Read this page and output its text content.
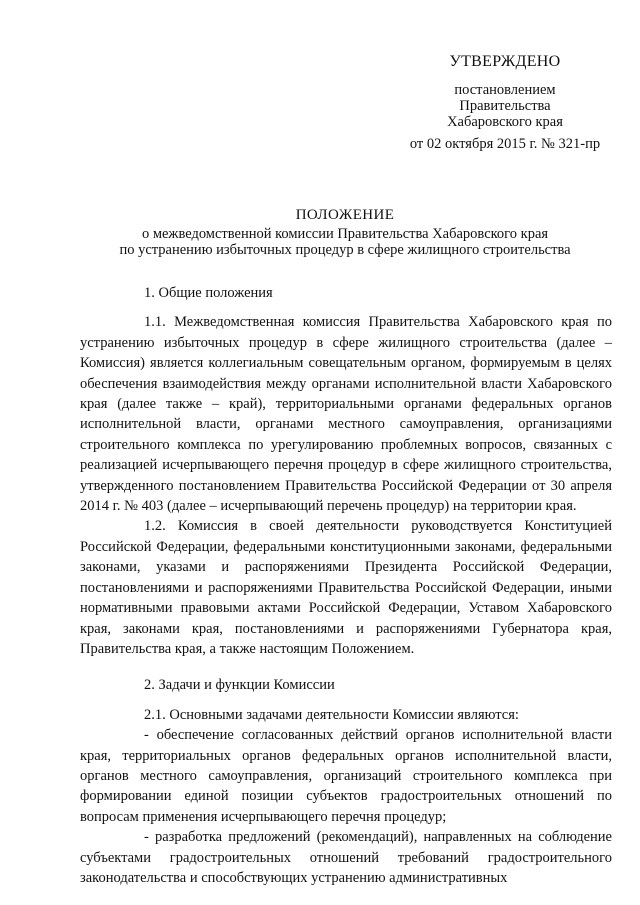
УТВЕРЖДЕНО
постановлением
Правительства
Хабаровского края
от 02 октября 2015 г. № 321-пр
ПОЛОЖЕНИЕ
о межведомственной комиссии Правительства Хабаровского края
по устранению избыточных процедур в сфере жилищного строительства

1. Общие положения

1.1. Межведомственная комиссия Правительства Хабаровского края по устранению избыточных процедур в сфере жилищного строительства (далее – Комиссия) является коллегиальным совещательным органом, формируемым в целях обеспечения взаимодействия между органами исполнительной власти Хабаровского края (далее также – край), территориальными органами федеральных органов исполнительной власти, органами местного самоуправления, организациями строительного комплекса по урегулированию проблемных вопросов, связанных с реализацией исчерпывающего перечня процедур в сфере жилищного строительства, утвержденного постановлением Правительства Российской Федерации от 30 апреля 2014 г. № 403 (далее – исчерпывающий перечень процедур) на территории края.

1.2. Комиссия в своей деятельности руководствуется Конституцией Российской Федерации, федеральными конституционными законами, федеральными законами, указами и распоряжениями Президента Российской Федерации, постановлениями и распоряжениями Правительства Российской Федерации, иными нормативными правовыми актами Российской Федерации, Уставом Хабаровского края, законами края, постановлениями и распоряжениями Губернатора края, Правительства края, а также настоящим Положением.

2. Задачи и функции Комиссии

2.1. Основными задачами деятельности Комиссии являются:

- обеспечение согласованных действий органов исполнительной власти края, территориальных органов федеральных органов исполнительной власти, органов местного самоуправления, организаций строительного комплекса при формировании единой позиции субъектов градостроительных отношений по вопросам применения исчерпывающего перечня процедур;

- разработка предложений (рекомендаций), направленных на соблюдение субъектами градостроительных отношений требований градостроительного законодательства и способствующих устранению административных
